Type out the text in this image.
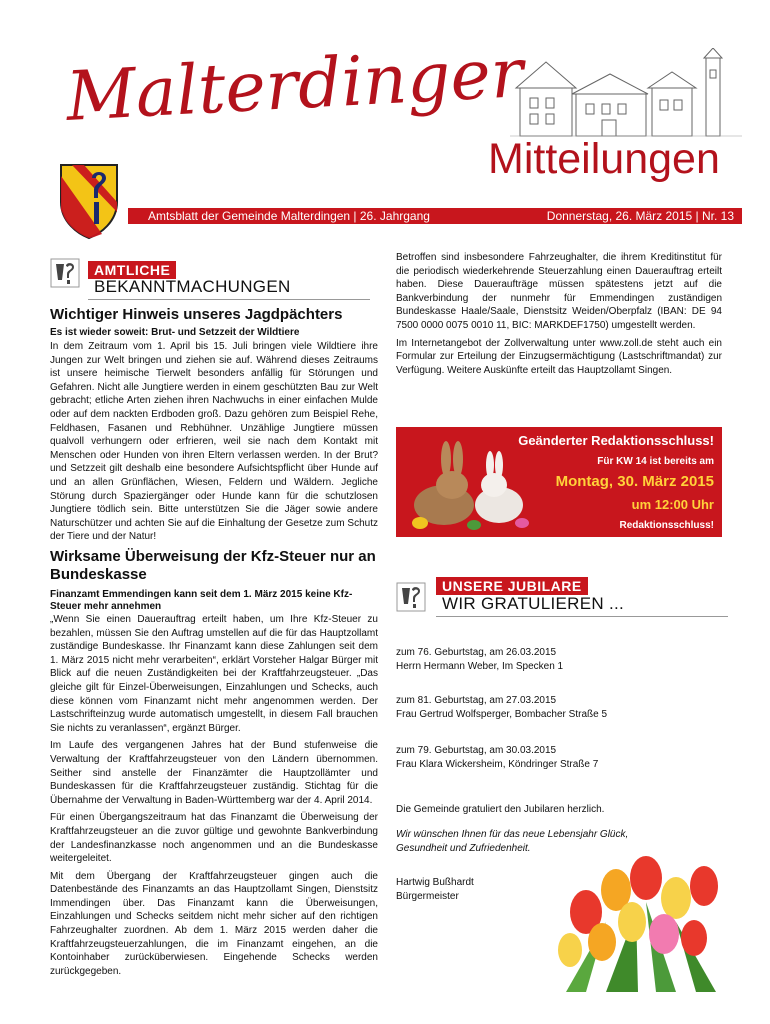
Malterdinger
Mitteilungen
Amtsblatt der Gemeinde Malterdingen | 26. Jahrgang	Donnerstag, 26. März 2015 | Nr. 13
AMTLICHE
BEKANNTMACHUNGEN
Wichtiger Hinweis unseres Jagdpächters
Es ist wieder soweit: Brut- und Setzzeit der Wildtiere

In dem Zeitraum vom 1. April bis 15. Juli bringen viele Wildtiere ihre Jungen zur Welt bringen und ziehen sie auf. Während dieses Zeitraums ist unsere heimische Tierwelt besonders anfällig für Störungen und Gefahren. Nicht alle Jungtiere werden in einem geschützten Bau zur Welt gebracht; etliche Arten ziehen ihren Nachwuchs in einer einfachen Mulde oder auf dem nackten Erdboden groß. Dazu gehören zum Beispiel Rehe, Feldhasen, Fasanen und Rebhühner. Unzählige Jungtiere müssen qualvoll verhungern oder erfrieren, weil sie nach dem Kontakt mit Menschen oder Hunden von ihren Eltern verlassen werden. In der Brut? und Setzzeit gilt deshalb eine besondere Aufsichtspflicht über Hunde auf und an allen Grünflächen, Wiesen, Feldern und Wäldern. Jegliche Störung durch Spaziergänger oder Hunde kann für die schutzlosen Jungtiere tödlich sein. Bitte unterstützen Sie die Jäger sowie andere Naturschützer und achten Sie auf die Einhaltung der Gesetze zum Schutz der Tiere und der Natur!

Wirksame Überweisung der Kfz-Steuer nur an Bundeskasse
Finanzamt Emmendingen kann seit dem 1. März 2015 keine Kfz-Steuer mehr annehmen

„Wenn Sie einen Dauerauftrag erteilt haben, um Ihre Kfz-Steuer zu bezahlen, müssen Sie den Auftrag umstellen auf die für das Hauptzollamt zuständige Bundeskasse. Ihr Finanzamt kann diese Zahlungen seit dem 1. März 2015 nicht mehr verarbeiten“, erklärt Vorsteher Halgar Bürger mit Blick auf die neuen Zuständigkeiten bei der Kraftfahrzeugsteuer. „Das gleiche gilt für Einzel-Überweisungen, Einzahlungen und Schecks, auch diese können vom Finanzamt nicht mehr angenommen werden. Der Lastschrifteinzug wurde automatisch umgestellt, in diesem Fall brauchen Sie nichts zu veranlassen“, ergänzt Bürger.

Im Laufe des vergangenen Jahres hat der Bund stufenweise die Verwaltung der Kraftfahrzeugsteuer von den Ländern übernommen. Seither sind anstelle der Finanzämter die Hauptzollämter und Bundeskassen für die Kraftfahrzeugsteuer zuständig. Stichtag für die Übernahme der Verwaltung in Baden-Württemberg war der 4. April 2014.

Für einen Übergangszeitraum hat das Finanzamt die Überweisung der Kraftfahrzeugsteuer an die zuvor gültige und gewohnte Bankverbindung der Landesfinanzkasse noch angenommen und an die Bundeskasse weitergeleitet.

Mit dem Übergang der Kraftfahrzeugsteuer gingen auch die Datenbestände des Finanzamts an das Hauptzollamt Singen, Dienstsitz Immendingen über. Das Finanzamt kann die Überweisungen, Einzahlungen und Schecks seitdem nicht mehr sicher auf den richtigen Fahrzeughalter zuordnen. Ab dem 1. März 2015 werden daher die Kraftfahrzeugsteuerzahlungen, die im Finanzamt eingehen, an die Kontoinhaber zurücküberwiesen. Eingehende Schecks werden zurückgegeben.

Betroffen sind insbesondere Fahrzeughalter, die ihrem Kreditinstitut für die periodisch wiederkehrende Steuerzahlung einen Dauerauftrag erteilt haben. Diese Daueraufträge müssen spätestens jetzt auf die Bankverbindung der nunmehr für Emmendingen zuständigen Bundeskasse Haale/Saale, Dienstsitz Weiden/Oberpfalz (IBAN: DE 94 7500 0000 0075 0010 11, BIC: MARKDEF1750) umgestellt werden.

Im Internetangebot der Zollverwaltung unter www.zoll.de steht auch ein Formular zur Erteilung der Einzugsermächtigung (Lastschriftmandat) zur Verfügung. Weitere Auskünfte erteilt das Hauptzollamt Singen.

Geänderter Redaktionsschluss!
Für KW 14 ist bereits am
Montag, 30. März 2015
um 12:00 Uhr
Redaktionsschluss!
UNSERE JUBILARE
WIR GRATULIEREN ...
zum 76. Geburtstag, am 26.03.2015
Herrn Hermann Weber, Im Specken 1
zum 81. Geburtstag, am 27.03.2015
Frau Gertrud Wolfsperger, Bombacher Straße 5
zum 79. Geburtstag, am 30.03.2015
Frau Klara Wickersheim, Köndringer Straße 7
Die Gemeinde gratuliert den Jubilaren herzlich.
Wir wünschen Ihnen für das neue Lebensjahr Glück, Gesundheit und Zufriedenheit.
Hartwig Bußhardt
Bürgermeister
